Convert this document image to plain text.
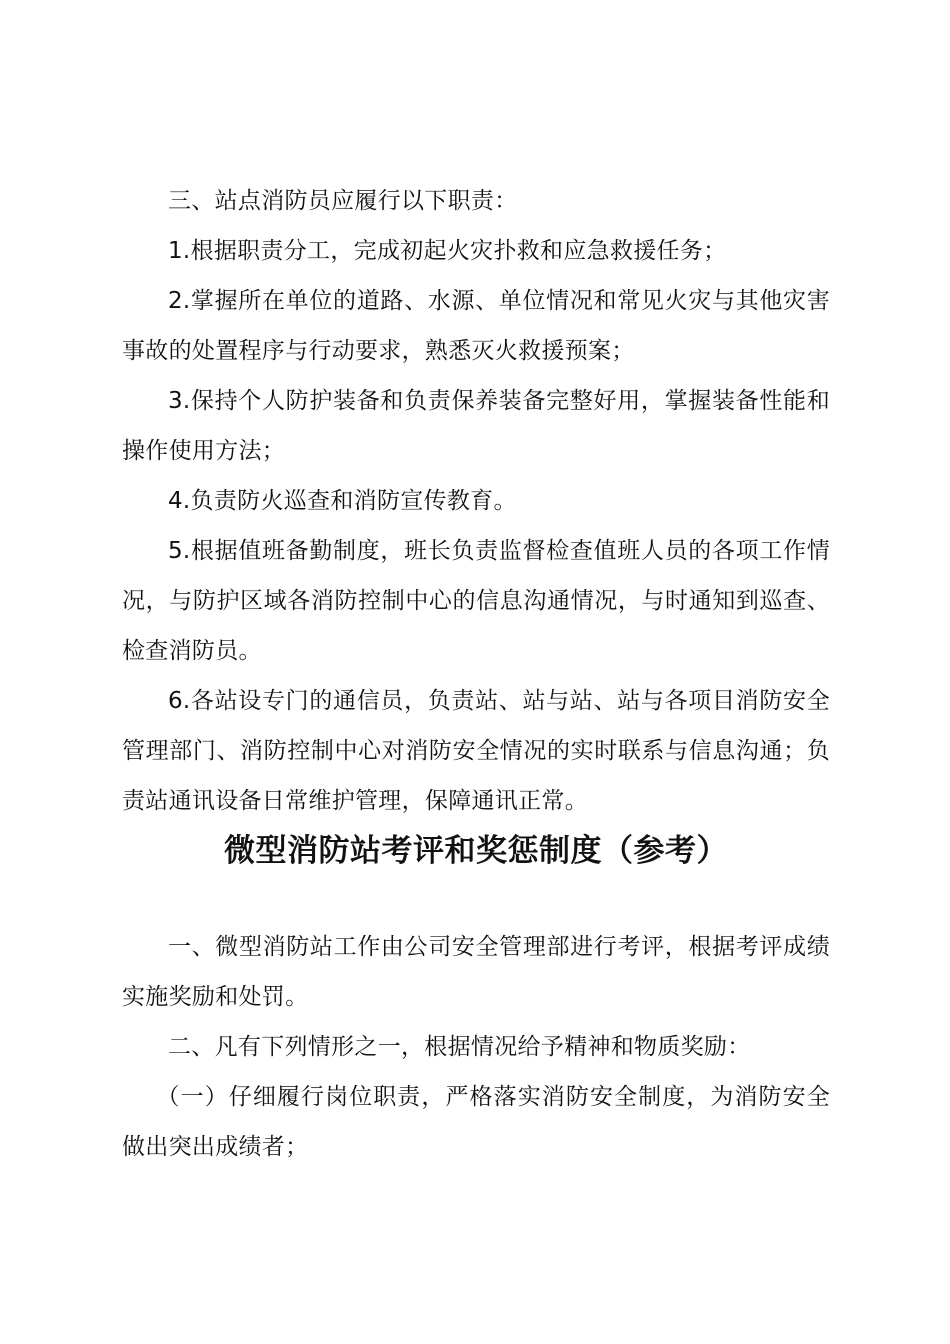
三、站点消防员应履行以下职责：

1.根据职责分工，完成初起火灾扑救和应急救援任务；

2.掌握所在单位的道路、水源、单位情况和常见火灾与其他灾害事故的处置程序与行动要求，熟悉灭火救援预案；

3.保持个人防护装备和负责保养装备完整好用，掌握装备性能和操作使用方法；

4.负责防火巡查和消防宣传教育。

5.根据值班备勤制度，班长负责监督检查值班人员的各项工作情况，与防护区域各消防控制中心的信息沟通情况，与时通知到巡查、检查消防员。

6.各站设专门的通信员，负责站、站与站、站与各项目消防安全管理部门、消防控制中心对消防安全情况的实时联系与信息沟通；负责站通讯设备日常维护管理，保障通讯正常。

微型消防站考评和奖惩制度（参考）

一、微型消防站工作由公司安全管理部进行考评，根据考评成绩实施奖励和处罚。

二、凡有下列情形之一，根据情况给予精神和物质奖励：

（一）仔细履行岗位职责，严格落实消防安全制度，为消防安全做出突出成绩者；
